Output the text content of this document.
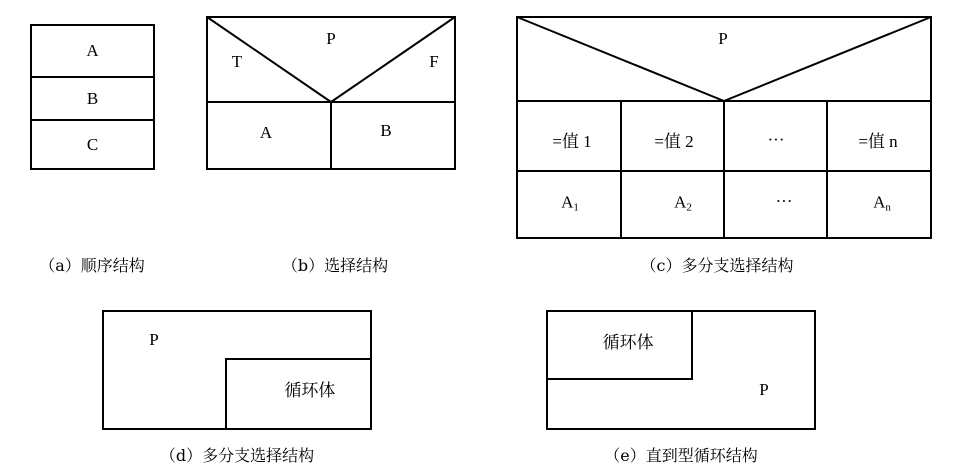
A
B
C
（a）顺序结构
P
T	F
A	B
（b）选择结构
P
=值 1	=值 2	···	=值 n
$A_1$	$A_2$	···	$A_n$
（c）多分支选择结构
循环体
P
（d）多分支选择结构
循环体
P
（e）直到型循环结构
